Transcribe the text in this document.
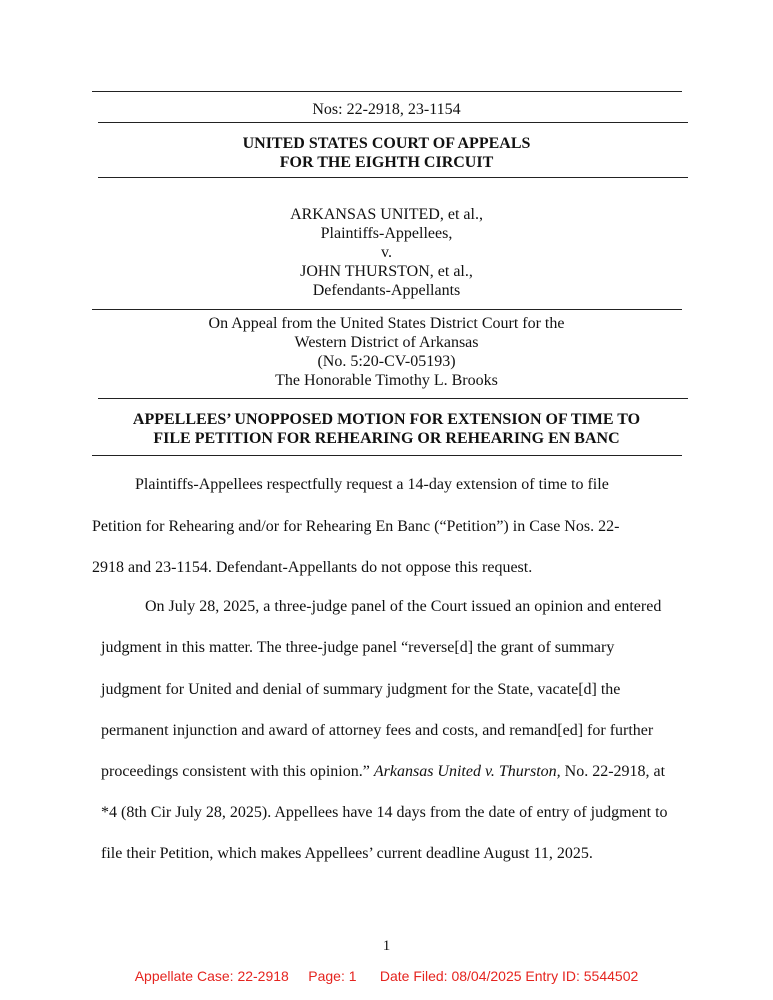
Nos: 22-2918, 23-1154
UNITED STATES COURT OF APPEALS
FOR THE EIGHTH CIRCUIT
ARKANSAS UNITED, et al.,
Plaintiffs-Appellees,
v.
JOHN THURSTON, et al.,
Defendants-Appellants
On Appeal from the United States District Court for the
Western District of Arkansas
(No. 5:20-CV-05193)
The Honorable Timothy L. Brooks
APPELLEES’ UNOPPOSED MOTION FOR EXTENSION OF TIME TO
FILE PETITION FOR REHEARING OR REHEARING EN BANC
Plaintiffs-Appellees respectfully request a 14-day extension of time to file
Petition for Rehearing and/or for Rehearing En Banc (“Petition”) in Case Nos. 22-
2918 and 23-1154. Defendant-Appellants do not oppose this request.
On July 28, 2025, a three-judge panel of the Court issued an opinion and entered
judgment in this matter. The three-judge panel “reverse[d] the grant of summary
judgment for United and denial of summary judgment for the State, vacate[d] the
permanent injunction and award of attorney fees and costs, and remand[ed] for further
proceedings consistent with this opinion.” Arkansas United v. Thurston, No. 22-2918, at
*4 (8th Cir July 28, 2025). Appellees have 14 days from the date of entry of judgment to
file their Petition, which makes Appellees’ current deadline August 11, 2025.
1
Appellate Case: 22-2918     Page: 1      Date Filed: 08/04/2025 Entry ID: 5544502
